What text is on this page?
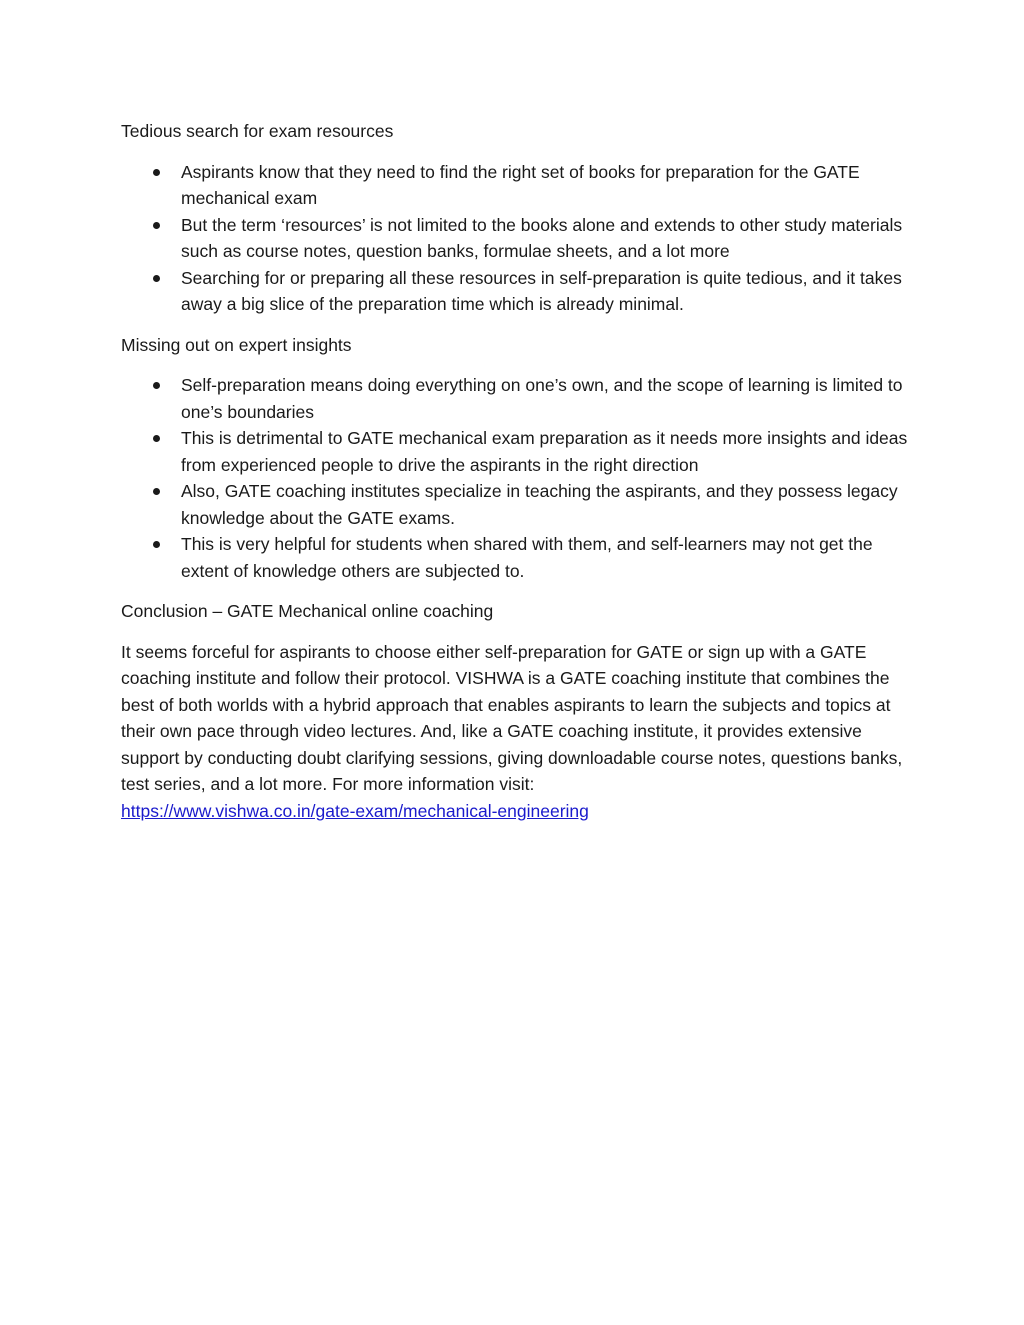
Tedious search for exam resources

Aspirants know that they need to find the right set of books for preparation for the GATE mechanical exam
But the term ‘resources’ is not limited to the books alone and extends to other study materials such as course notes, question banks, formulae sheets, and a lot more
Searching for or preparing all these resources in self-preparation is quite tedious, and it takes away a big slice of the preparation time which is already minimal.

Missing out on expert insights

Self-preparation means doing everything on one’s own, and the scope of learning is limited to one’s boundaries
This is detrimental to GATE mechanical exam preparation as it needs more insights and ideas from experienced people to drive the aspirants in the right direction
Also, GATE coaching institutes specialize in teaching the aspirants, and they possess legacy knowledge about the GATE exams.
This is very helpful for students when shared with them, and self-learners may not get the extent of knowledge others are subjected to.

Conclusion – GATE Mechanical online coaching

It seems forceful for aspirants to choose either self-preparation for GATE or sign up with a GATE coaching institute and follow their protocol. VISHWA is a GATE coaching institute that combines the best of both worlds with a hybrid approach that enables aspirants to learn the subjects and topics at their own pace through video lectures. And, like a GATE coaching institute, it provides extensive support by conducting doubt clarifying sessions, giving downloadable course notes, questions banks, test series, and a lot more. For more information visit:
https://www.vishwa.co.in/gate-exam/mechanical-engineering
